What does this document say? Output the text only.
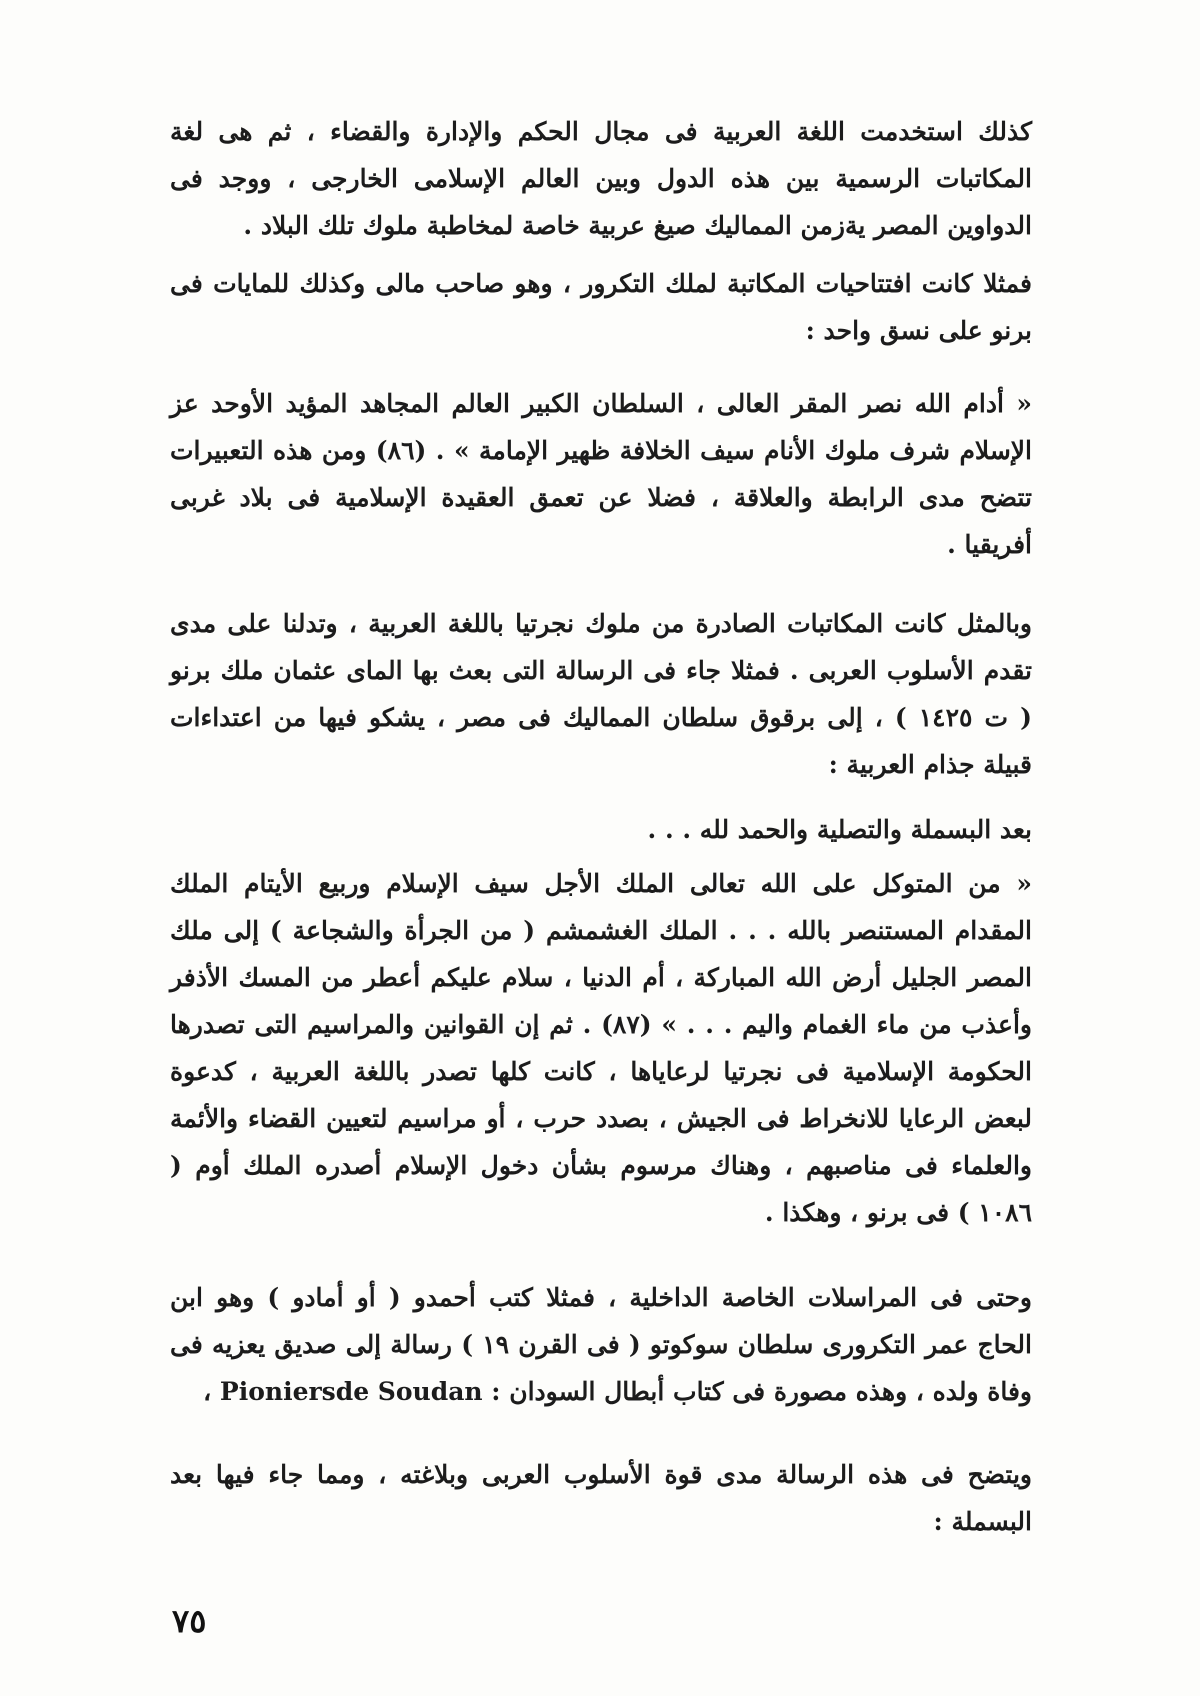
كذلك استخدمت اللغة العربية فى مجال الحكم والإدارة والقضاء ، ثم هى لغة المكاتبات الرسمية بين هذه الدول وبين العالم الإسلامى الخارجى ، ووجد فى الدواوين المصر يةزمن المماليك صيغ عربية خاصة لمخاطبة ملوك تلك البلاد .

فمثلا كانت افتتاحيات المكاتبة لملك التكرور ، وهو صاحب مالى وكذلك للمايات فى برنو على نسق واحد :

« أدام الله نصر المقر العالى ، السلطان الكبير العالم المجاهد المؤيد الأوحد عز الإسلام شرف ملوك الأنام سيف الخلافة ظهير الإمامة » . (٨٦) ومن هذه التعبيرات تتضح مدى الرابطة والعلاقة ، فضلا عن تعمق العقيدة الإسلامية فى بلاد غربى أفريقيا .

وبالمثل كانت المكاتبات الصادرة من ملوك نجرتيا باللغة العربية ، وتدلنا على مدى تقدم الأسلوب العربى . فمثلا جاء فى الرسالة التى بعث بها الماى عثمان ملك برنو ( ت ١٤٢٥ ) ، إلى برقوق سلطان المماليك فى مصر ، يشكو فيها من اعتداءات قبيلة جذام العربية :

بعد البسملة والتصلية والحمد لله . . .

« من المتوكل على الله تعالى الملك الأجل سيف الإسلام وربيع الأيتام الملك المقدام المستنصر بالله . . . الملك الغشمشم ( من الجرأة والشجاعة ) إلى ملك المصر الجليل أرض الله المباركة ، أم الدنيا ، سلام عليكم أعطر من المسك الأذفر وأعذب من ماء الغمام واليم . . . » (٨٧) . ثم إن القوانين والمراسيم التى تصدرها الحكومة الإسلامية فى نجرتيا لرعاياها ، كانت كلها تصدر باللغة العربية ، كدعوة لبعض الرعايا للانخراط فى الجيش ، بصدد حرب ، أو مراسيم لتعيين القضاء والأئمة والعلماء فى مناصبهم ، وهناك مرسوم بشأن دخول الإسلام أصدره الملك أوم ( ١٠٨٦ ) فى برنو ، وهكذا .

وحتى فى المراسلات الخاصة الداخلية ، فمثلا كتب أحمدو ( أو أمادو ) وهو ابن الحاج عمر التكرورى سلطان سوكوتو ( فى القرن ١٩ ) رسالة إلى صديق يعزيه فى وفاة ولده ، وهذه مصورة فى كتاب أبطال السودان : Pioniersde Soudan ،

ويتضح فى هذه الرسالة مدى قوة الأسلوب العربى وبلاغته ، ومما جاء فيها بعد البسملة :

٧٥
